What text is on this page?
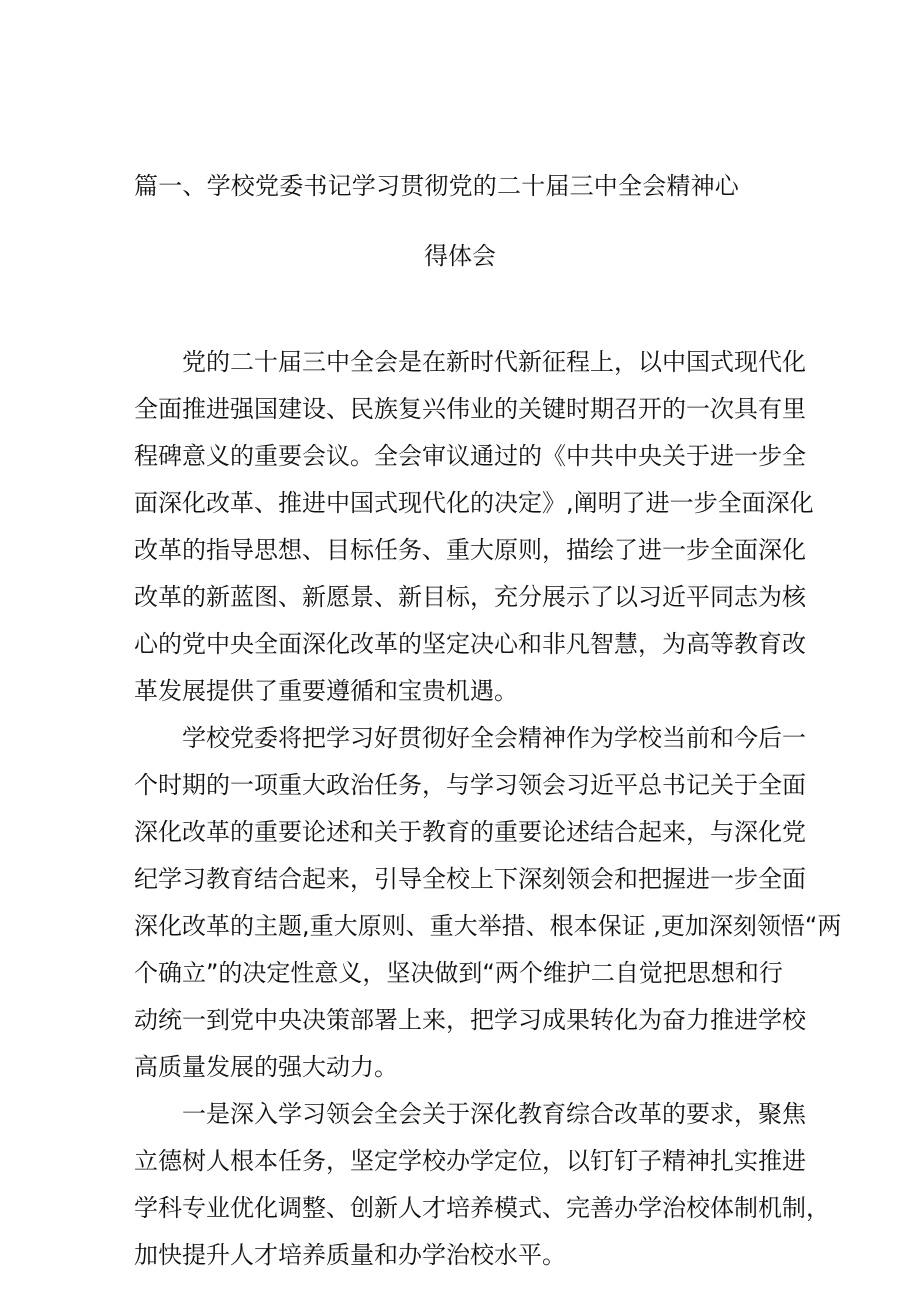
篇一、学校党委书记学习贯彻党的二十届三中全会精神心
得体会
党的二十届三中全会是在新时代新征程上，以中国式现代化
全面推进强国建设、民族复兴伟业的关键时期召开的一次具有里
程碑意义的重要会议。全会审议通过的《中共中央关于进一步全
面深化改革、推进中国式现代化的决定》,阐明了进一步全面深化
改革的指导思想、目标任务、重大原则，描绘了进一步全面深化
改革的新蓝图、新愿景、新目标，充分展示了以习近平同志为核
心的党中央全面深化改革的坚定决心和非凡智慧，为高等教育改
革发展提供了重要遵循和宝贵机遇。
学校党委将把学习好贯彻好全会精神作为学校当前和今后一
个时期的一项重大政治任务，与学习领会习近平总书记关于全面
深化改革的重要论述和关于教育的重要论述结合起来，与深化党
纪学习教育结合起来，引导全校上下深刻领会和把握进一步全面
深化改革的主题,重大原则、重大举措、根本保证 ,更加深刻领悟“两
个确立”的决定性意义，坚决做到“两个维护二自觉把思想和行
动统一到党中央决策部署上来，把学习成果转化为奋力推进学校
高质量发展的强大动力。
一是深入学习领会全会关于深化教育综合改革的要求，聚焦
立德树人根本任务，坚定学校办学定位，以钉钉子精神扎实推进
学科专业优化调整、创新人才培养模式、完善办学治校体制机制，
加快提升人才培养质量和办学治校水平。
